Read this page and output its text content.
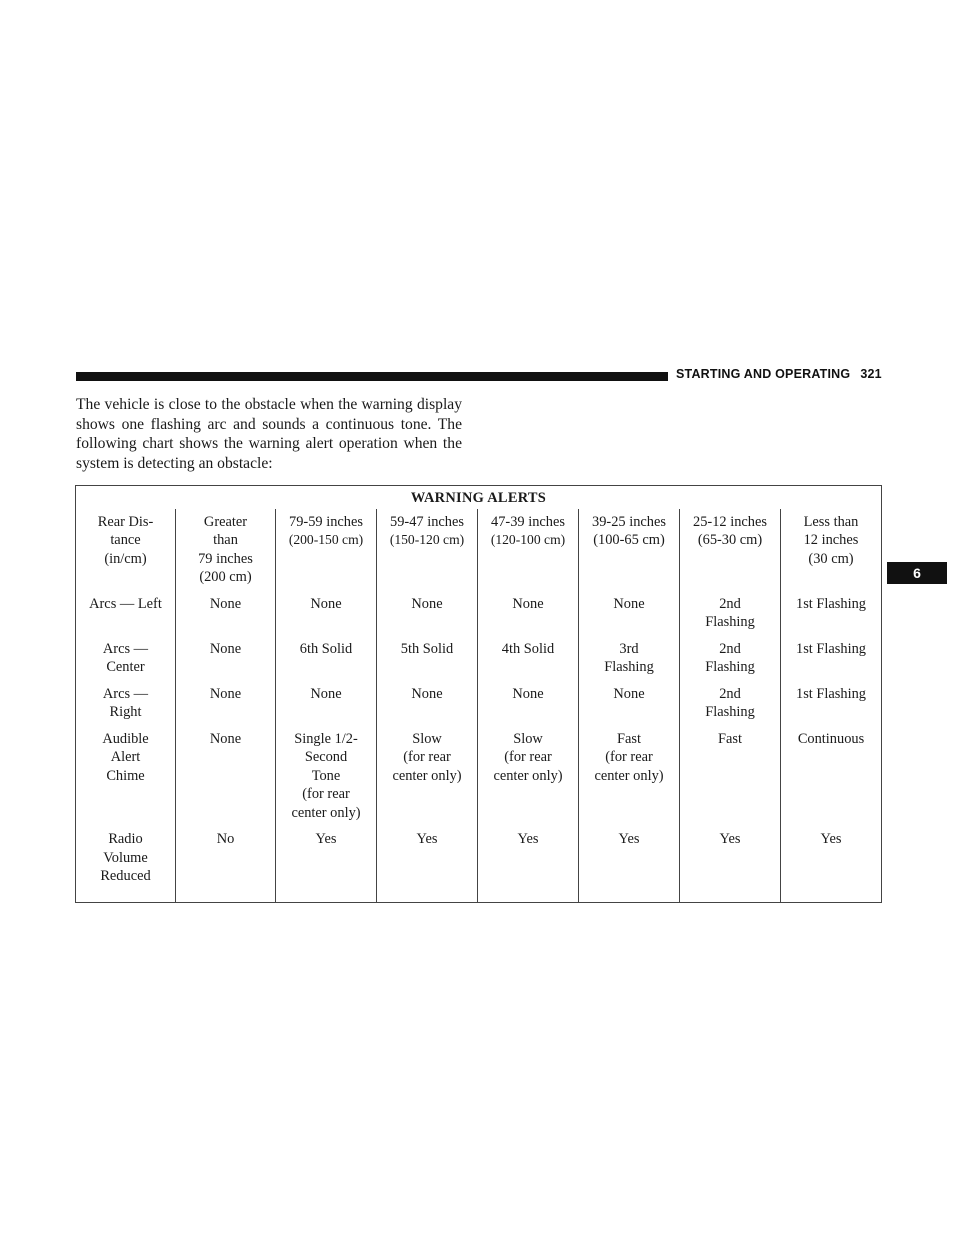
STARTING AND OPERATING 321

The vehicle is close to the obstacle when the warning display shows one flashing arc and sounds a continuous tone. The following chart shows the warning alert operation when the system is detecting an obstacle:

6
WARNING ALERTS							
Rear Dis-
tance
(in/cm)	Greater
than
79 inches
(200 cm)	79-59 inches
(200-150 cm)	59-47 inches
(150-120 cm)	47-39 inches
(120-100 cm)	39-25 inches
(100-65 cm)	25-12 inches
(65-30 cm)	Less than
12 inches
(30 cm)
Arcs — Left	None	None	None	None	None	2nd
Flashing	1st Flashing
Arcs —
Center	None	6th Solid	5th Solid	4th Solid	3rd
Flashing	2nd
Flashing	1st Flashing
Arcs —
Right	None	None	None	None	None	2nd
Flashing	1st Flashing
Audible
Alert
Chime	None	Single 1/2-
Second
Tone
(for rear
center only)	Slow
(for rear
center only)	Slow
(for rear
center only)	Fast
(for rear
center only)	Fast	Continuous
Radio
Volume
Reduced	No	Yes	Yes	Yes	Yes	Yes	Yes
